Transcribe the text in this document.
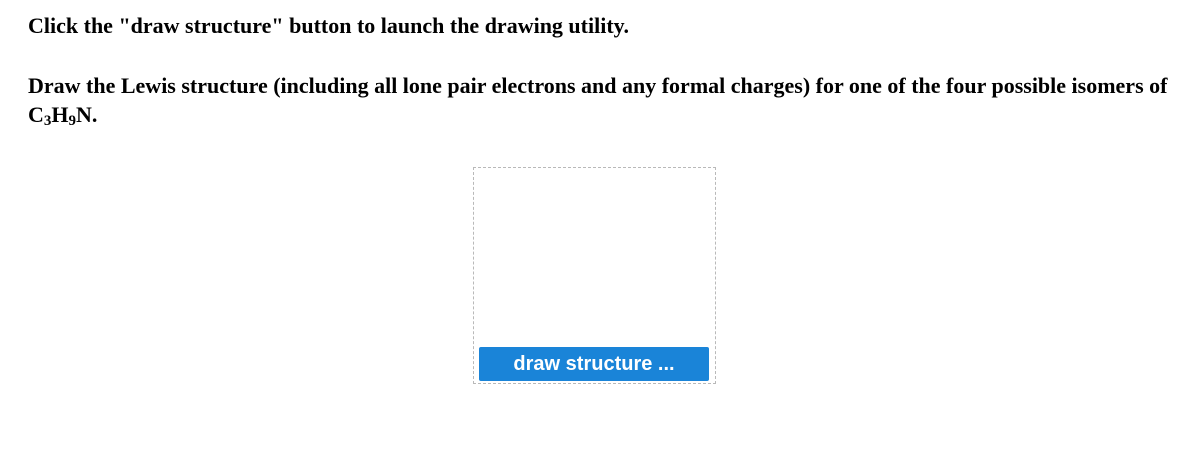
Click the "draw structure" button to launch the drawing utility.

Draw the Lewis structure (including all lone pair electrons and any formal charges) for one of the four possible isomers of $C_3H_9N$.

draw structure ...
